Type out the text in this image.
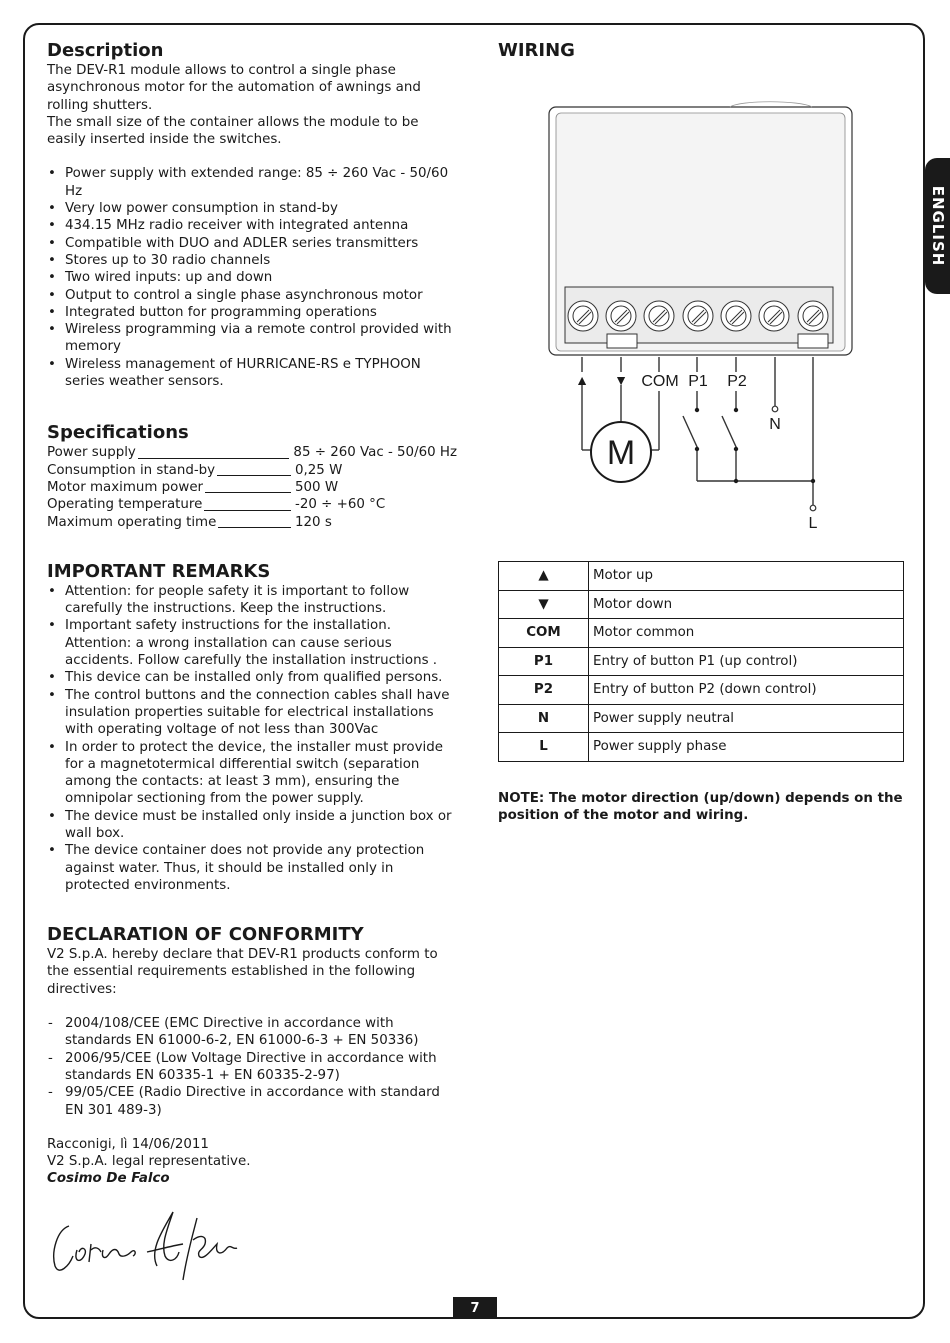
ENGLISH
Description

The DEV-R1 module allows to control a single phase asynchronous motor for the automation of awnings and rolling shutters.

The small size of the container allows the module to be easily inserted inside the switches.

• Power supply with extended range: 85 ÷ 260 Vac - 50/60 Hz
• Very low power consumption in stand-by
• 434.15 MHz radio receiver with integrated antenna
• Compatible with DUO and ADLER series transmitters
• Stores up to 30 radio channels
• Two wired inputs: up and down
• Output to control a single phase asynchronous motor
• Integrated button for programming operations
• Wireless programming via a remote control provided with memory
• Wireless management of HURRICANE-RS e TYPHOON series weather sensors.
Specifications
Power supply	85 ÷ 260 Vac - 50/60 Hz
Consumption in stand-by	0,25 W
Motor maximum power	500 W
Operating temperature	-20 ÷ +60 °C
Maximum operating time	120 s
IMPORTANT REMARKS
• Attention: for people safety it is important to follow carefully the instructions. Keep the instructions.
• Important safety instructions for the installation. Attention: a wrong installation can cause serious accidents. Follow carefully the installation instructions .
• This device can be installed only from qualified persons.
• The control buttons and the connection cables shall have insulation properties suitable for electrical installations with operating voltage of not less than 300Vac
• In order to protect the device, the installer must provide for a magnetotermical differential switch (separation among the contacts: at least 3 mm), ensuring the omnipolar sectioning from the power supply.
• The device must be installed only inside a junction box or wall box.
• The device container does not provide any protection against water. Thus, it should be installed only in protected environments.
DECLARATION OF CONFORMITY

V2 S.p.A. hereby declare that DEV-R1 products conform to the essential requirements established in the following directives:

- 2004/108/CEE (EMC Directive in accordance with standards EN 61000-6-2, EN 61000-6-3 + EN 50336)
- 2006/95/CEE (Low Voltage Directive in accordance with standards EN 60335-1 + EN 60335-2-97)
- 99/05/CEE (Radio Directive in accordance with standard EN 301 489-3)

Racconigi, lì 14/06/2011

V2 S.p.A. legal representative.

Cosimo De Falco

WIRING
M
▲ ▼ COM P1 P2
N
L
▲	Motor up
▼	Motor down
COM	Motor common
P1	Entry of button P1 (up control)
P2	Entry of button P2 (down control)
N	Power supply neutral
L	Power supply phase

NOTE: The motor direction (up/down) depends on the position of the motor and wiring.

7
